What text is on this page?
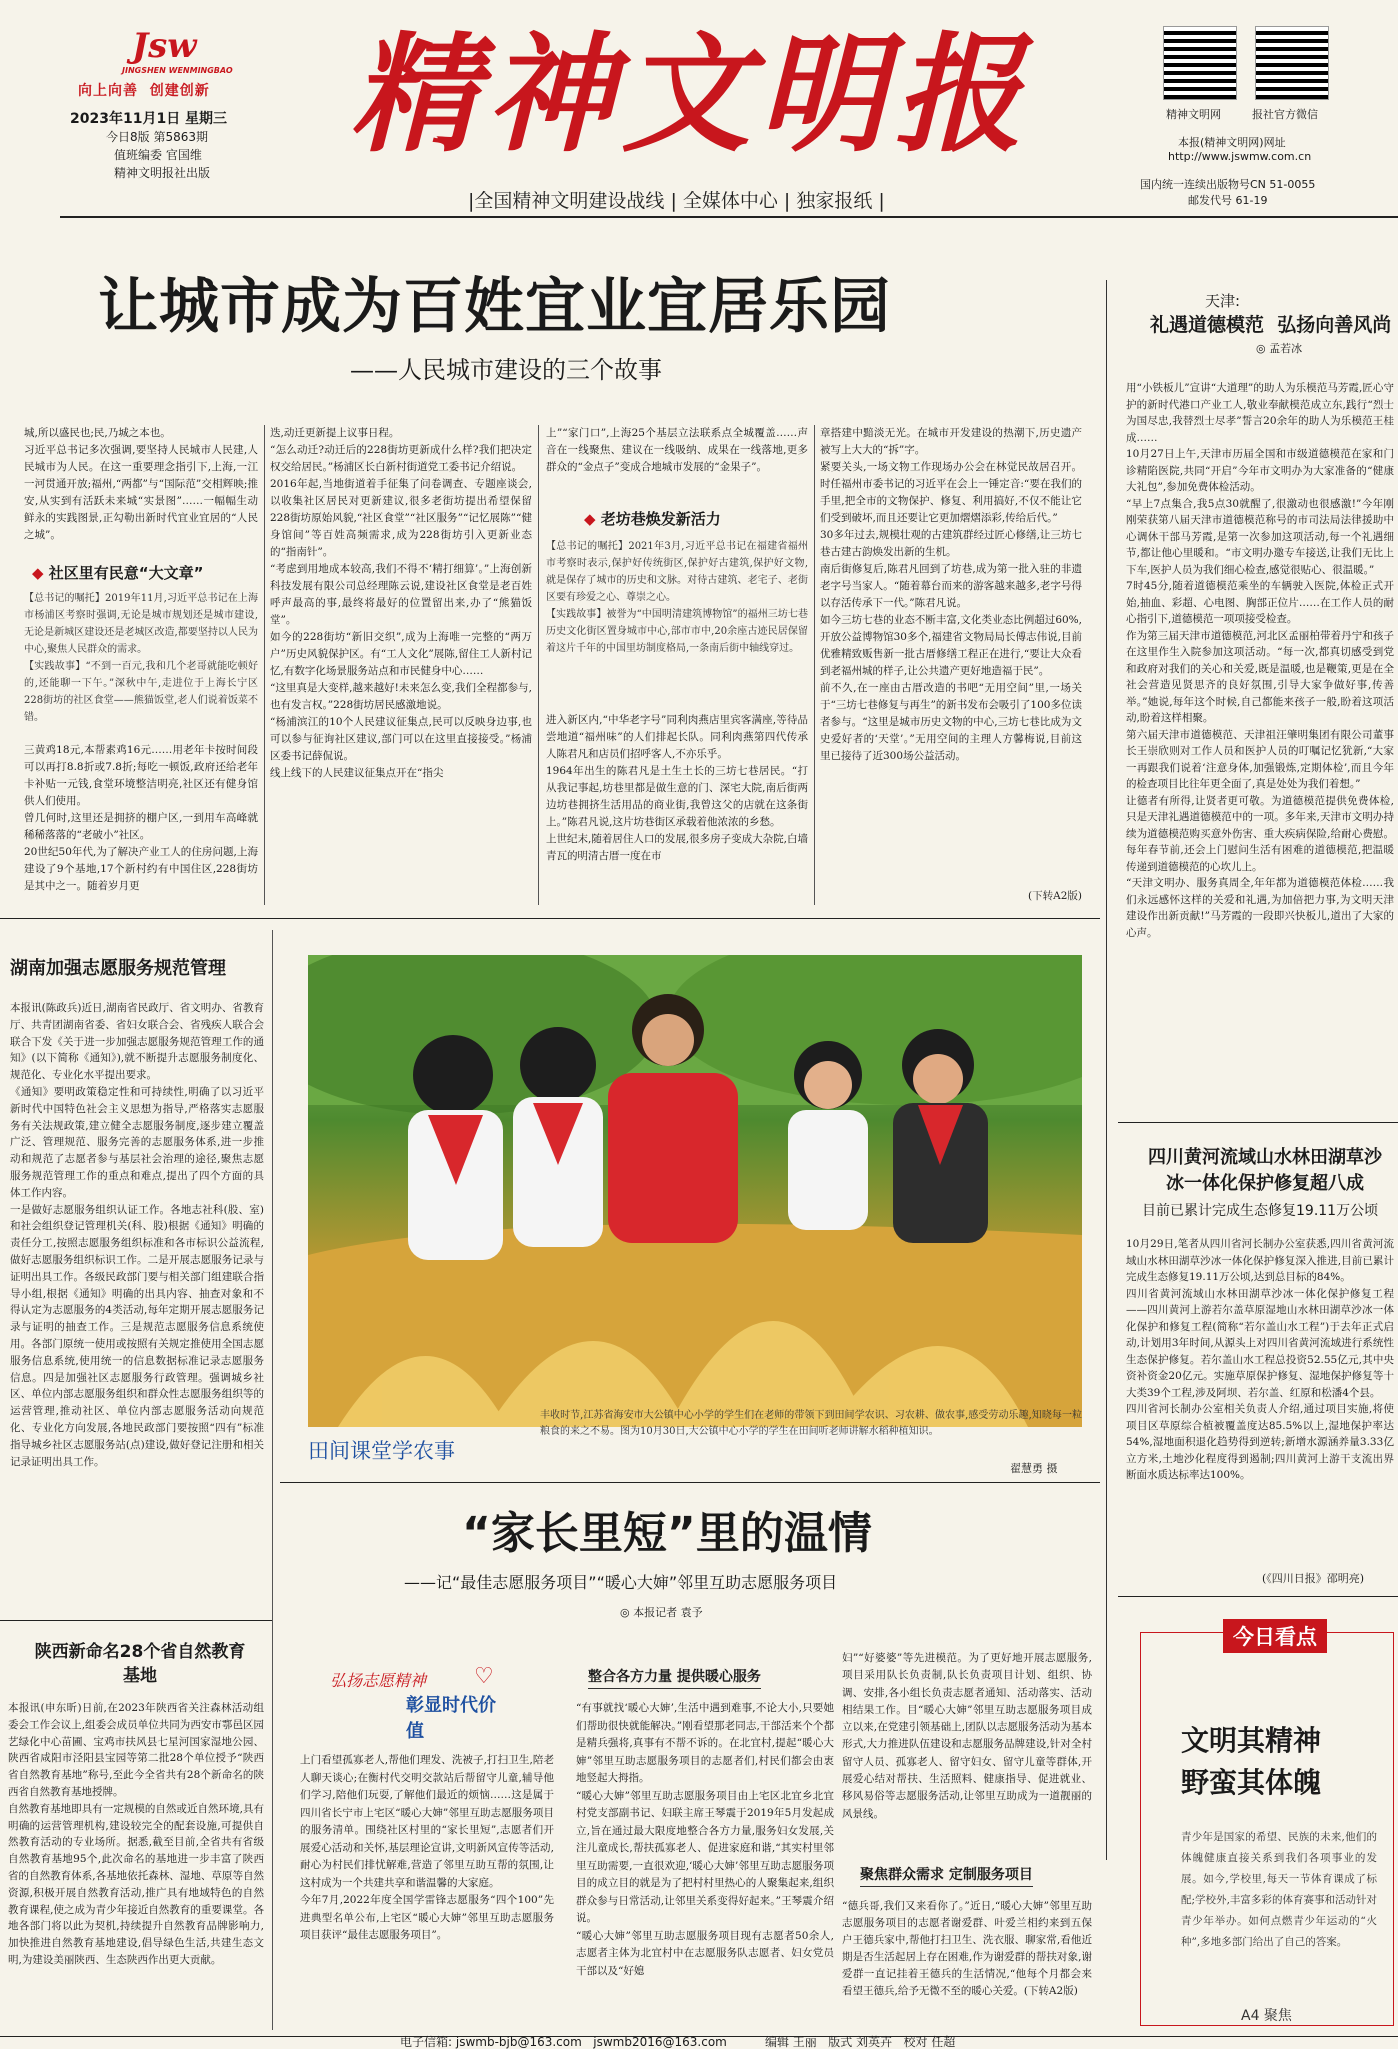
Jsw
JINGSHEN WENMINGBAO
向上向善  创建创新
2023年11月1日 星期三
今日8版 第5863期
值班编委 官国维
精神文明报社出版
精神文明报
|全国精神文明建设战线 | 全媒体中心 | 独家报纸 |
精神文明网	报社官方微信
本报(精神文明网)网址
http://www.jswmw.com.cn
国内统一连续出版物号CN 51-0055
邮发代号 61-19
让城市成为百姓宜业宜居乐园
——人民城市建设的三个故事
城,所以盛民也;民,乃城之本也。
习近平总书记多次强调,要坚持人民城市人民建,人民城市为人民。在这一重要理念指引下,上海,一江一河贯通开放;福州,“两都”与“国际范”交相辉映;推安,从实到有活跃未来城“实景图”……一幅幅生动鲜永的实践图景,正勾勒出新时代宜业宜居的“人民之城”。
◆ 社区里有民意“大文章”
【总书记的嘱托】2019年11月,习近平总书记在上海市杨浦区考察时强调,无论是城市规划还是城市建设,无论是新城区建设还是老城区改造,都要坚持以人民为中心,聚焦人民群众的需求。
【实践故事】“不到一百元,我和几个老哥就能吃顿好的,还能聊一下午。”深秋中午,走进位于上海长宁区228街坊的社区食堂——熊猫饭堂,老人们说着饭菜不错。
三黄鸡18元,本帮素鸡16元……用老年卡按时间段可以再打8.8折或7.8折;每吃一顿饭,政府还给老年卡补贴一元钱,食堂环境整洁明亮,社区还有健身馆供人们使用。
曾几何时,这里还是拥挤的棚户区,一到用车高峰就稀稀落落的“老破小”社区。
20世纪50年代,为了解决产业工人的住房问题,上海建设了9个基地,17个新村约有中国住区,228街坊是其中之一。随着岁月更
迭,动迁更新提上议事日程。
“怎么动迁?动迁后的228街坊更新成什么样?我们把决定权交给居民。”杨浦区长白新村街道党工委书记介绍说。
2016年起,当地街道着手征集了问卷调查、专题座谈会,以收集社区居民对更新建议,很多老街坊提出希望保留228街坊原始风貌,“社区食堂”“社区服务”“记忆展陈”“健身馆间”等百姓高频需求,成为228街坊引入更新业态的“指南针”。
“考虑到用地成本较高,我们不得不‘精打细算’。”上海创新科技发展有限公司总经理陈云说,建设社区食堂是老百姓呼声最高的事,最终将最好的位置留出来,办了“熊猫饭堂”。
如今的228街坊“新旧交织”,成为上海唯一完整的“两万户”历史风貌保护区。有“工人文化”展陈,留住工人新村记忆,有数字化场景服务站点和市民健身中心……
“这里真是大变样,越来越好!未来怎么变,我们全程都参与,也有发言权。”228街坊居民感激地说。
“杨浦滨江的10个人民建议征集点,民可以反映身边事,也可以参与征询社区建议,部门可以在这里直接接受。”杨浦区委书记薛侃说。
线上线下的人民建议征集点开在“指尖
上”“家门口”,上海25个基层立法联系点全城覆盖……声音在一线聚焦、建议在一线吸纳、成果在一线落地,更多群众的“金点子”变成合地城市发展的“金果子”。
◆ 老坊巷焕发新活力
【总书记的嘱托】2021年3月,习近平总书记在福建省福州市考察时表示,保护好传统街区,保护好古建筑,保护好文物,就是保存了城市的历史和文脉。对待古建筑、老宅子、老街区要有珍爱之心、尊崇之心。
【实践故事】被誉为“中国明清建筑博物馆”的福州三坊七巷历史文化街区置身城市中心,部市市中,20余座古迹民居保留着这片千年的中国里坊制度格局,一条南后街中轴线穿过。
进入新区内,“中华老字号”同利肉燕店里宾客满座,等待品尝地道“福州味”的人们排起长队。同利肉燕第四代传承人陈君凡和店员们招呼客人,不亦乐乎。
1964年出生的陈君凡是土生土长的三坊七巷居民。“打从我记事起,坊巷里都是做生意的门、深宅大院,南后街两边坊巷拥挤生活用品的商业街,我曾这父的店就在这条街上。”陈君凡说,这片坊巷街区承载着他浓浓的乡愁。
上世纪末,随着居住人口的发展,很多房子变成大杂院,白墙青瓦的明清古厝一度在市
章搭建中黯淡无光。在城市开发建设的热潮下,历史遗产被写上大大的“拆”字。
紧要关头,一场文物工作现场办公会在林觉民故居召开。时任福州市委书记的习近平在会上一锤定音:“要在我们的手里,把全市的文物保护、修复、利用搞好,不仅不能让它们受到破坏,而且还要让它更加熠熠添彩,传给后代。”
30多年过去,规模壮观的古建筑群经过匠心修缮,让三坊七巷古建古韵焕发出新的生机。
南后街修复后,陈君凡回到了坊巷,成为第一批入驻的非遗老字号当家人。“随着幕台而来的游客越来越多,老字号得以存活传承下一代。”陈君凡说。
如今三坊七巷的业态不断丰富,文化类业态比例超过60%,开放公益博物馆30多个,福建省文物局局长傅志伟说,目前优雅精致贩售新一批古厝修缮工程正在进行,“要让大众看到老福州城的样子,让公共遗产更好地造福于民”。
前不久,在一座由古厝改造的书吧“无用空间”里,一场关于“三坊七巷修复与再生”的新书发布会吸引了100多位读者参与。“这里是城市历史文物的中心,三坊七巷比成为文史爱好者的‘天堂’。”无用空间的主理人方馨梅说,目前这里已接待了近300场公益活动。
(下转A2版)
天津:
礼遇道德模范  弘扬向善风尚
◎ 孟若冰
用“小铁板儿”宣讲“大道理”的助人为乐模范马芳霞,匠心守护的新时代港口产业工人,敬业奉献模范成立东,践行“烈士为国尽忠,我替烈士尽孝”誓言20余年的助人为乐模范王桂成……
10月27日上午,天津市历届全国和市级道德模范在家和门诊精陷医院,共同“开启”今年市文明办为大家准备的“健康大礼包”,参加免费体检活动。
“早上7点集合,我5点30就醒了,很激动也很感激!”今年刚刚荣获第八届天津市道德模范称号的市司法局法律援助中心调休干部马芳霞,是第一次参加这项活动,每一个礼遇细节,都让他心里暖和。“市文明办邀专车接送,让我们无比上下车,医护人员为我们细心检查,感觉很贴心、很温暖。”
7时45分,随着道德模范乘坐的车辆驶入医院,体检正式开始,抽血、彩超、心电图、胸部正位片……在工作人员的耐心指引下,道德模范一项项接受检查。
作为第三届天津市道德模范,河北区孟丽柏带着丹宁和孩子在这里作生入院参加这项活动。“每一次,都真切感受到党和政府对我们的关心和关爱,既是温暖,也是鞭策,更是在全社会营造见贤思齐的良好氛围,引导大家争做好事,传善举。”她说,每年这个时候,自己都能来孩子一般,盼着这项活动,盼着这样相聚。
第六届天津市道德模范、天津祖汪肇明集团有限公司董事长王崇欣则对工作人员和医护人员的叮嘱记忆犹新,“大家一再跟我们说着‘注意身体,加强锻炼,定期体检’,而且今年的检查项目比往年更全面了,真是处处为我们着想。”
让德者有所得,让贤者更可敬。为道德模范提供免费体检,只是天津礼遇道德模范中的一项。多年来,天津市文明办持续为道德模范购买意外伤害、重大疾病保险,给耐心费慰。每年春节前,还会上门慰问生活有困难的道德模范,把温暖传递到道德模范的心坎儿上。
“天津文明办、服务真周全,年年都为道德模范体检……我们永远感怀这样的关爱和礼遇,为加倍把力事,为文明天津建设作出新贡献!”马芳霞的一段即兴快板儿,道出了大家的心声。
四川黄河流域山水林田湖草沙冰一体化保护修复超八成
目前已累计完成生态修复19.11万公顷
10月29日,笔者从四川省河长制办公室获悉,四川省黄河流域山水林田湖草沙冰一体化保护修复深入推进,目前已累计完成生态修复19.11万公顷,达到总目标的84%。
四川省黄河流域山水林田湖草沙冰一体化保护修复工程——四川黄河上游若尔盖草原湿地山水林田湖草沙冰一体化保护和修复工程(简称“若尔盖山水工程”)于去年正式启动,计划用3年时间,从源头上对四川省黄河流域进行系统性生态保护修复。若尔盖山水工程总投资52.55亿元,其中央资补资金20亿元。实施草原保护修复、湿地保护修复等十大类39个工程,涉及阿坝、若尔盖、红原和松潘4个县。
四川省河长制办公室相关负责人介绍,通过项目实施,将使项目区草原综合植被覆盖度达85.5%以上,湿地保护率达54%,湿地面积退化趋势得到逆转;新增水源涵养量3.33亿立方米,土地沙化程度得到遏制;四川黄河上游干支流出界断面水质达标率达100%。
(《四川日报》邵明亮)
今日看点
文明其精神
野蛮其体魄
青少年是国家的希望、民族的未来,他们的体魄健康直接关系到我们各项事业的发展。如今,学校里,每天一节体育课成了标配;学校外,丰富多彩的体育赛事和活动针对青少年举办。如何点燃青少年运动的“火种”,多地多部门给出了自己的答案。
A4 聚焦
湖南加强志愿服务规范管理
本报讯(陈政兵)近日,湖南省民政厅、省文明办、省教育厅、共青团湖南省委、省妇女联合会、省残疾人联合会联合下发《关于进一步加强志愿服务规范管理工作的通知》(以下简称《通知》),就不断提升志愿服务制度化、规范化、专业化水平提出要求。
《通知》要明政策稳定性和可持续性,明确了以习近平新时代中国特色社会主义思想为指导,严格落实志愿服务有关法规政策,建立健全志愿服务制度,逐步建立覆盖广泛、管理规范、服务完善的志愿服务体系,进一步推动和规范了志愿者参与基层社会治理的途径,聚焦志愿服务规范管理工作的重点和难点,提出了四个方面的具体工作内容。
一是做好志愿服务组织认证工作。各地志社科(股、室)和社会组织登记管理机关(科、股)根据《通知》明确的责任分工,按照志愿服务组织标准和各市标识公益流程,做好志愿服务组织标识工作。二是开展志愿服务记录与证明出具工作。各级民政部门要与相关部门组建联合指导小组,根据《通知》明确的出具内容、抽查对象和不得认定为志愿服务的4类活动,每年定期开展志愿服务记录与证明的抽查工作。三是规范志愿服务信息系统使用。各部门原统一使用或按照有关规定推使用全国志愿服务信息系统,使用统一的信息数据标准记录志愿服务信息。四是加强社区志愿服务行政管理。强调城乡社区、单位内部志愿服务组织和群众性志愿服务组织等的运营管理,推动社区、单位内部志愿服务活动向规范化、专业化方向发展,各地民政部门要按照“四有”标准指导城乡社区志愿服务站(点)建设,做好登记注册和相关记录证明出具工作。	田间课堂学农事
丰收时节,江苏省海安市大公镇中心小学的学生们在老师的带领下到田间学农识、习农耕、做农事,感受劳动乐趣,知晓每一粒粮食的来之不易。图为10月30日,大公镇中心小学的学生在田间听老师讲解水稻种植知识。
翟慧勇 摄
“家长里短”里的温情
——记“最佳志愿服务项目”“暖心大婶”邻里互助志愿服务项目
◎ 本报记者 袁予
弘扬志愿精神
彰显时代价值
♡
上门看望孤寡老人,帮他们理发、洗被子,打扫卫生,陪老人聊天谈心;在衡村代交明交款站后帮留守儿童,辅导他们学习,陪他们玩耍,了解他们最近的烦恼……这是属于四川省长宁市上宅区“暖心大婶”邻里互助志愿服务项目的服务清单。围绕社区村里的“家长里短”,志愿者们开展爱心活动和关怀,基层理论宣讲,文明新风宣传等活动,耐心为村民们排忧解难,营造了邻里互助互帮的氛围,让这村成为一个共建共享和谐温馨的大家庭。
今年7月,2022年度全国学雷锋志愿服务“四个100”先进典型名单公布,上宅区“暖心大婶”邻里互助志愿服务项目获评“最佳志愿服务项目”。
整合各方力量 提供暖心服务
“有事就找‘暖心大婶’,生活中遇到难事,不论大小,只要她们帮助很快就能解决。”刚看望那老同志,干部活来个个都是精兵强将,真事有不帮不诉的。在北宜村,提起“暖心大婶”邻里互助志愿服务项目的志愿者们,村民们都会由衷地竖起大拇指。
“暖心大婶”邻里互助志愿服务项目由上宅区北宜乡北宜村党支部副书记、妇联主席王琴震于2019年5月发起成立,旨在通过最大限度地整合各方力量,服务妇女发展,关注儿童成长,帮扶孤寡老人、促进家庭和谐,“其实村里邻里互助需要,一直很欢迎,‘暖心大婶’邻里互助志愿服务项目的成立目的就是为了把村村里热心的人聚集起来,组织群众参与日常活动,让邻里关系变得好起来。”王琴震介绍说。
“暖心大婶”邻里互助志愿服务项目现有志愿者50余人,志愿者主体为北宜村中在志愿服务队志愿者、妇女党员干部以及“好媳
妇”“好婆婆”等先进模范。为了更好地开展志愿服务,项目采用队长负责制,队长负责项目计划、组织、协调、安排,各小组长负责志愿者通知、活动落实、活动相结果工作。目“暖心大婶”邻里互助志愿服务项目成立以来,在党建引领基础上,团队以志愿服务活动为基本形式,大力推进队伍建设和志愿服务品牌建设,针对全村留守人员、孤寡老人、留守妇女、留守儿童等群体,开展爱心结对帮扶、生活照料、健康指导、促进就业、移风易俗等志愿服务活动,让邻里互助成为一道靓丽的风景线。
聚焦群众需求 定制服务项目
“德兵哥,我们又来看你了。”近日,“暖心大婶”邻里互助志愿服务项目的志愿者谢爱群、叶爱兰相约来到五保户王德兵家中,帮他打扫卫生、洗衣服、聊家常,看他近期是否生活起居上存在困难,作为谢爱群的帮扶对象,谢爱群一直记挂着王德兵的生活情况,“他每个月都会来看望王德兵,给予无微不至的暖心关爱。(下转A2版)
陕西新命名28个省自然教育基地
本报讯(申东昕)日前,在2023年陕西省关注森林活动组委会工作会议上,组委会成员单位共同为西安市鄠邑区园艺绿化中心苗圃、宝鸡市扶风县七星河国家湿地公园、陕西省咸阳市泾阳县宝园等第二批28个单位授予“陕西省自然教育基地”称号,至此今全省共有28个新命名的陕西省自然教育基地授牌。
自然教育基地即具有一定规模的自然或近自然环境,具有明确的运营管理机构,建设较完全的配套设施,可提供自然教育活动的专业场所。据悉,截至目前,全省共有省级自然教育基地95个,此次命名的基地进一步丰富了陕西省的自然教育体系,各基地依托森林、湿地、草原等自然资源,积极开展自然教育活动,推广具有地域特色的自然教育课程,使之成为青少年接近自然教育的重要课堂。各地各部门将以此为契机,持续提升自然教育品牌影响力,加快推进自然教育基地建设,倡导绿色生活,共建生态文明,为建设美丽陕西、生态陕西作出更大贡献。
电子信箱: jswmb-bjb@163.com   jswmb2016@163.com          编辑 王丽   版式 刘英卉   校对 任超
